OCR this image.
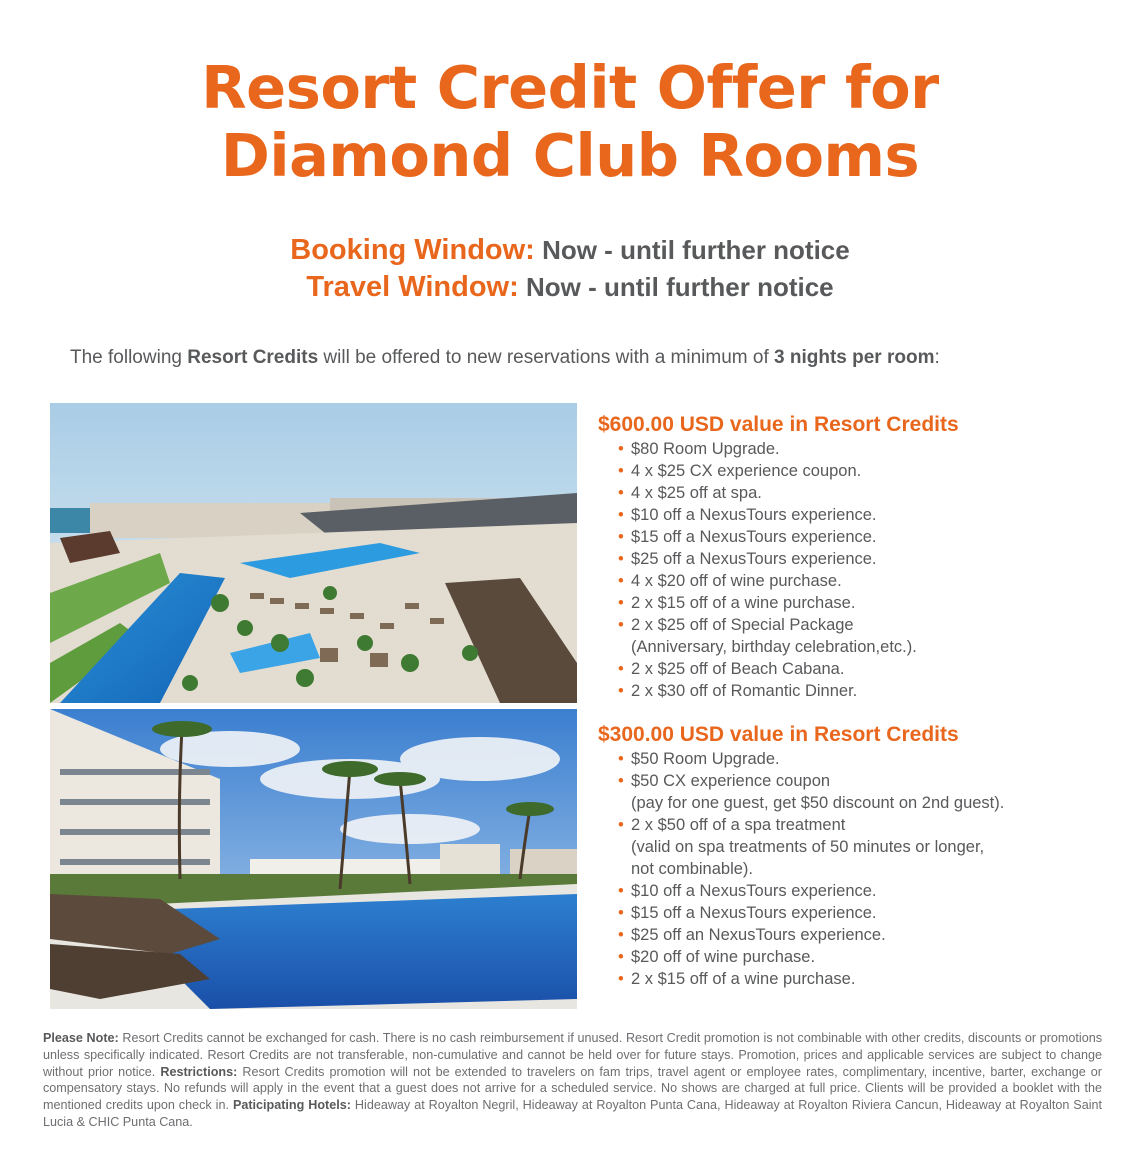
Resort Credit Offer for
Diamond Club Rooms
Booking Window: Now - until further notice
Travel Window: Now - until further notice
The following Resort Credits will be offered to new reservations with a minimum of 3 nights per room:
$600.00 USD value in Resort Credits
• $80 Room Upgrade.
• 4 x $25 CX experience coupon.
• 4 x $25 off at spa.
• $10 off a NexusTours experience.
• $15 off a NexusTours experience.
• $25 off a NexusTours experience.
• 4 x $20 off of wine purchase.
• 2 x $15 off of a wine purchase.
• 2 x $25 off of Special Package
(Anniversary, birthday celebration,etc.).
• 2 x $25 off of Beach Cabana.
• 2 x $30 off of Romantic Dinner.
$300.00 USD value in Resort Credits
• $50 Room Upgrade.
• $50 CX experience coupon
(pay for one guest, get $50 discount on 2nd guest).
• 2 x $50 off of a spa treatment
(valid on spa treatments of 50 minutes or longer,
not combinable).
• $10 off a NexusTours experience.
• $15 off a NexusTours experience.
• $25 off an NexusTours experience.
• $20 off of wine purchase.
• 2 x $15 off of a wine purchase.
Please Note: Resort Credits cannot be exchanged for cash. There is no cash reimbursement if unused. Resort Credit promotion is not combinable with other credits, discounts or promotions unless specifically indicated. Resort Credits are not transferable, non-cumulative and cannot be held over for future stays. Promotion, prices and applicable services are subject to change without prior notice. Restrictions: Resort Credits promotion will not be extended to travelers on fam trips, travel agent or employee rates, complimentary, incentive, barter, exchange or compensatory stays. No refunds will apply in the event that a guest does not arrive for a scheduled service. No shows are charged at full price. Clients will be provided a booklet with the mentioned credits upon check in. Paticipating Hotels: Hideaway at Royalton Negril, Hideaway at Royalton Punta Cana, Hideaway at Royalton Riviera Cancun, Hideaway at Royalton Saint Lucia & CHIC Punta Cana.
